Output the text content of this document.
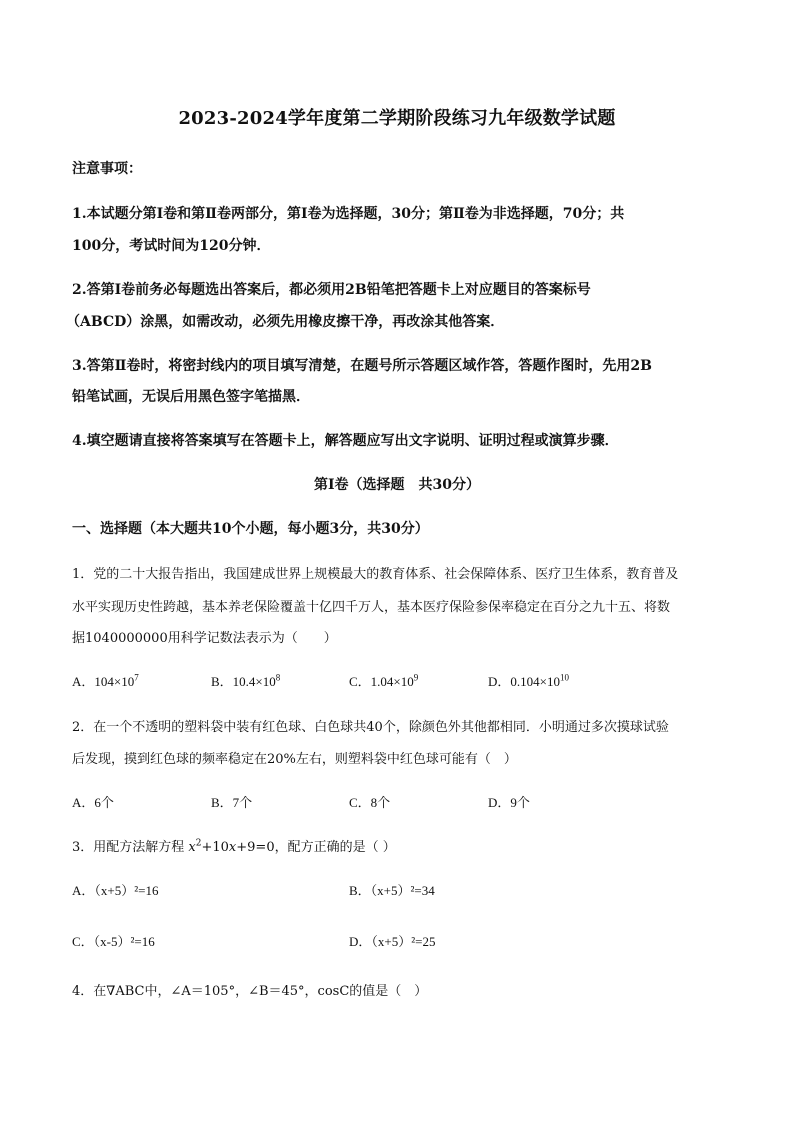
2023-2024学年度第二学期阶段练习九年级数学试题
注意事项：
1.本试题分第Ⅰ卷和第Ⅱ卷两部分，第Ⅰ卷为选择题，30分；第Ⅱ卷为非选择题，70分；共
100分，考试时间为120分钟．
2.答第Ⅰ卷前务必每题选出答案后，都必须用2B铅笔把答题卡上对应题目的答案标号
（ABCD）涂黑，如需改动，必须先用橡皮擦干净，再改涂其他答案．
3.答第Ⅱ卷时，将密封线内的项目填写清楚，在题号所示答题区域作答，答题作图时，先用2B
铅笔试画，无误后用黑色签字笔描黑．
4.填空题请直接将答案填写在答题卡上，解答题应写出文字说明、证明过程或演算步骤．
第Ⅰ卷（选择题　共30分）
一、选择题（本大题共10个小题，每小题3分，共30分）
1．党的二十大报告指出，我国建成世界上规模最大的教育体系、社会保障体系、医疗卫生体系，教育普及
水平实现历史性跨越，基本养老保险覆盖十亿四千万人，基本医疗保险参保率稳定在百分之九十五、将数
据1040000000用科学记数法表示为（　　）
A．$104\times 10^7$	B．$10.4\times 10^8$	C．$1.04\times 10^9$	D．$0.104\times 10^{10}$
2．在一个不透明的塑料袋中装有红色球、白色球共40个，除颜色外其他都相同．小明通过多次摸球试验
后发现，摸到红色球的频率稳定在20%左右，则塑料袋中红色球可能有（　）
A．6个	B．7个	C．8个	D．9个
3．用配方法解方程 $x^2+10x+9=0$，配方正确的是（ ）
A．（x+5）²=16	B．（x+5）²=34
C．（x-5）²=16	D．（x+5）²=25
4．在∇ABC中，∠A＝105°，∠B＝45°，cosC的值是（　）
